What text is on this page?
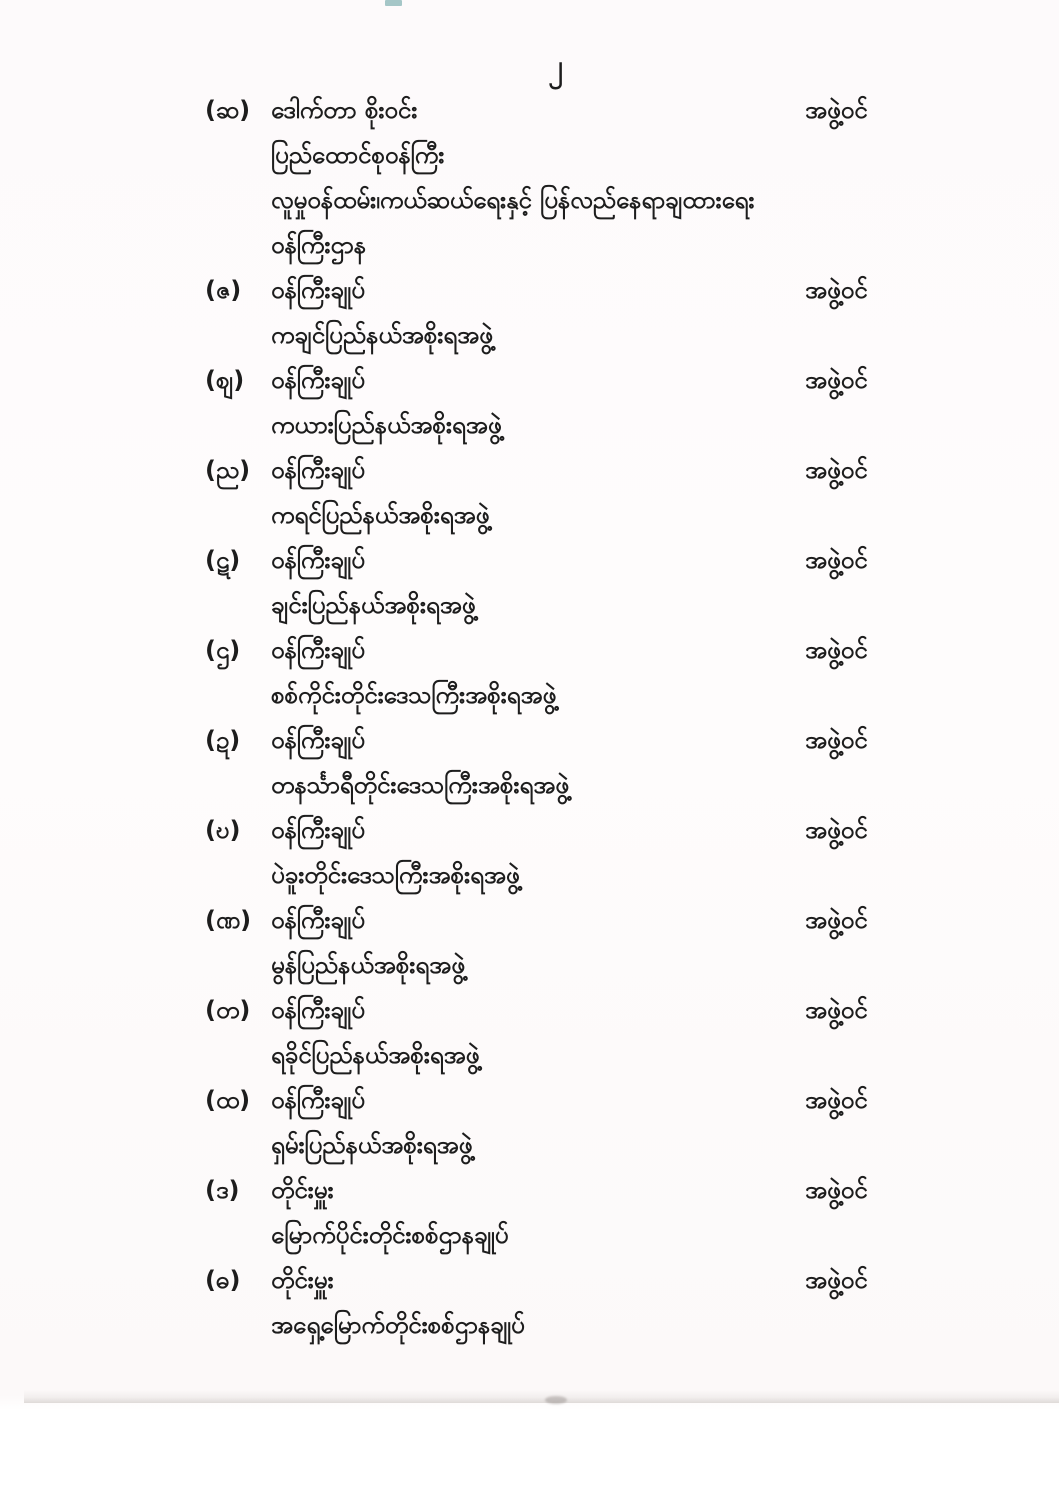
၂
(ဆ) ဒေါက်တာ စိုးဝင်း
ပြည်ထောင်စုဝန်ကြီး
လူမှုဝန်ထမ်း၊ကယ်ဆယ်ရေးနှင့် ပြန်လည်နေရာချထားရေး
ဝန်ကြီးဌာန
အဖွဲ့ဝင်
(ဇ)	ဝန်ကြီးချုပ်
ကချင်ပြည်နယ်အစိုးရအဖွဲ့
အဖွဲ့ဝင်
(စျ)	ဝန်ကြီးချုပ်
ကယားပြည်နယ်အစိုးရအဖွဲ့
အဖွဲ့ဝင်
(ည) ဝန်ကြီးချုပ်
ကရင်ပြည်နယ်အစိုးရအဖွဲ့
အဖွဲ့ဝင်
(ဋ)	ဝန်ကြီးချုပ်
ချင်းပြည်နယ်အစိုးရအဖွဲ့
အဖွဲ့ဝင်
(ဌ)	ဝန်ကြီးချုပ်
စစ်ကိုင်းတိုင်းဒေသကြီးအစိုးရအဖွဲ့
အဖွဲ့ဝင်
(ဍ)	ဝန်ကြီးချုပ်
တနင်္သာရီတိုင်းဒေသကြီးအစိုးရအဖွဲ့
အဖွဲ့ဝင်
(ဎ)	ဝန်ကြီးချုပ်
ပဲခူးတိုင်းဒေသကြီးအစိုးရအဖွဲ့
အဖွဲ့ဝင်
(ဏ) ဝန်ကြီးချုပ်
မွန်ပြည်နယ်အစိုးရအဖွဲ့
အဖွဲ့ဝင်
(တ) ဝန်ကြီးချုပ်
ရခိုင်ပြည်နယ်အစိုးရအဖွဲ့
အဖွဲ့ဝင်
(ထ) ဝန်ကြီးချုပ်
ရှမ်းပြည်နယ်အစိုးရအဖွဲ့
အဖွဲ့ဝင်
(ဒ)	တိုင်းမှူး
မြောက်ပိုင်းတိုင်းစစ်ဌာနချုပ်
အဖွဲ့ဝင်
(ဓ)	တိုင်းမှူး
အရှေ့မြောက်တိုင်းစစ်ဌာနချုပ်
အဖွဲ့ဝင်
